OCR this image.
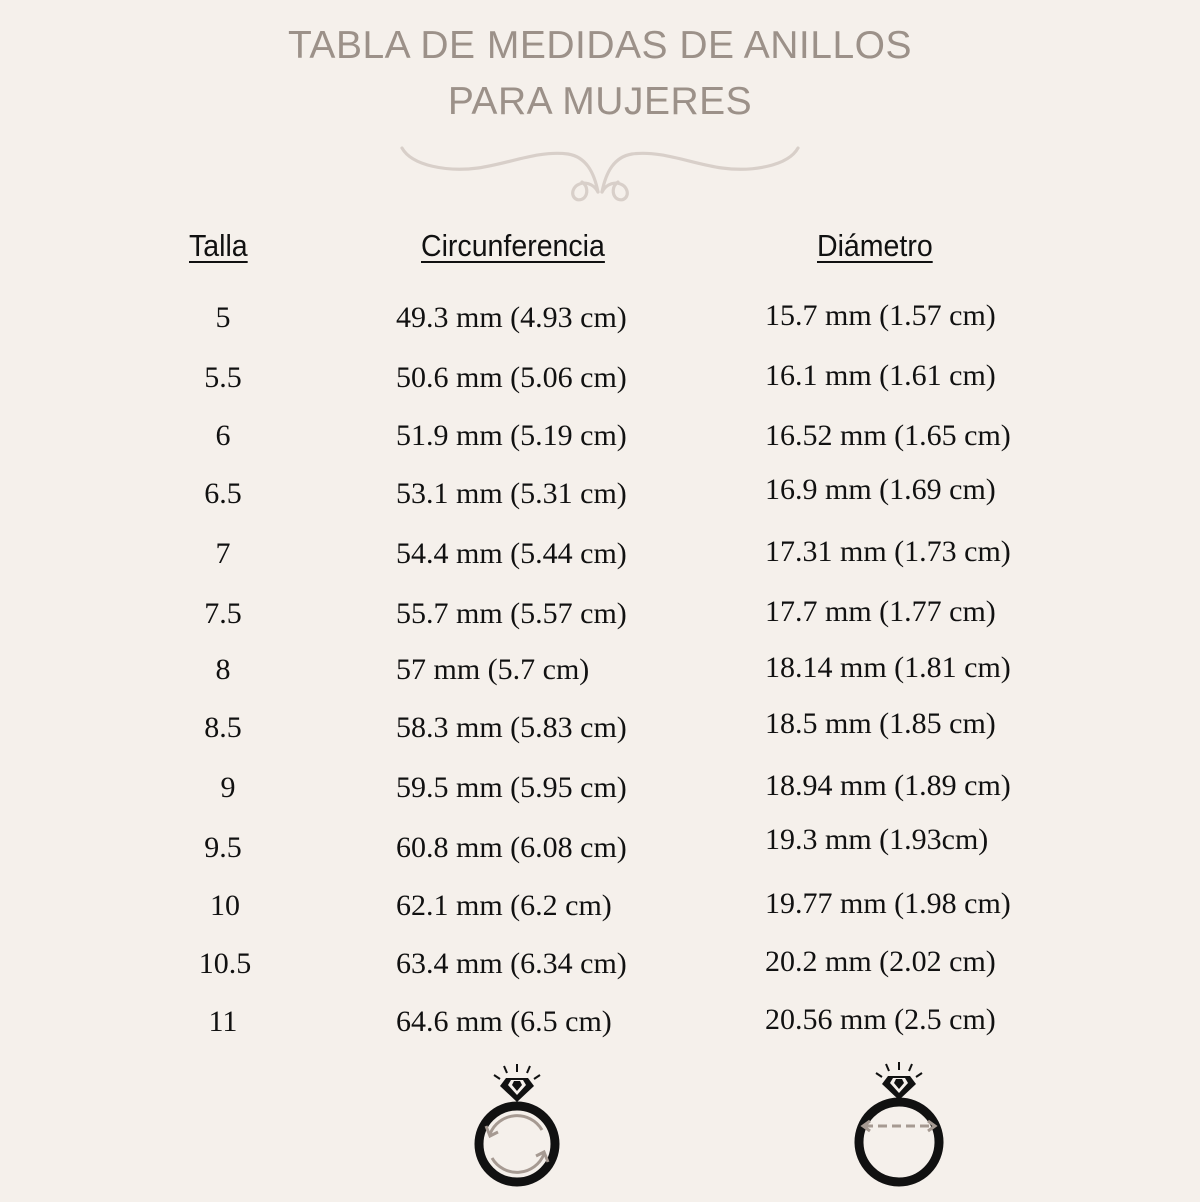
TABLA DE MEDIDAS DE ANILLOS
PARA MUJERES
Talla	Circunferencia	Diámetro
5	49.3 mm (4.93 cm)	15.7 mm (1.57 cm)
5.5	50.6 mm (5.06 cm)	16.1 mm (1.61 cm)
6	51.9 mm (5.19 cm)	16.52 mm (1.65 cm)
6.5	53.1 mm (5.31 cm)	16.9 mm (1.69 cm)
7	54.4 mm (5.44 cm)	17.31 mm (1.73 cm)
7.5	55.7 mm (5.57 cm)	17.7 mm (1.77 cm)
8	57 mm (5.7 cm)	18.14 mm (1.81 cm)
8.5	58.3 mm (5.83 cm)	18.5 mm (1.85 cm)
9	59.5 mm (5.95 cm)	18.94 mm (1.89 cm)
9.5	60.8 mm (6.08 cm)	19.3 mm (1.93cm)
10	62.1 mm (6.2 cm)	19.77 mm (1.98 cm)
10.5	63.4 mm (6.34 cm)	20.2 mm (2.02 cm)
11	64.6 mm (6.5 cm)	20.56 mm (2.5 cm)
